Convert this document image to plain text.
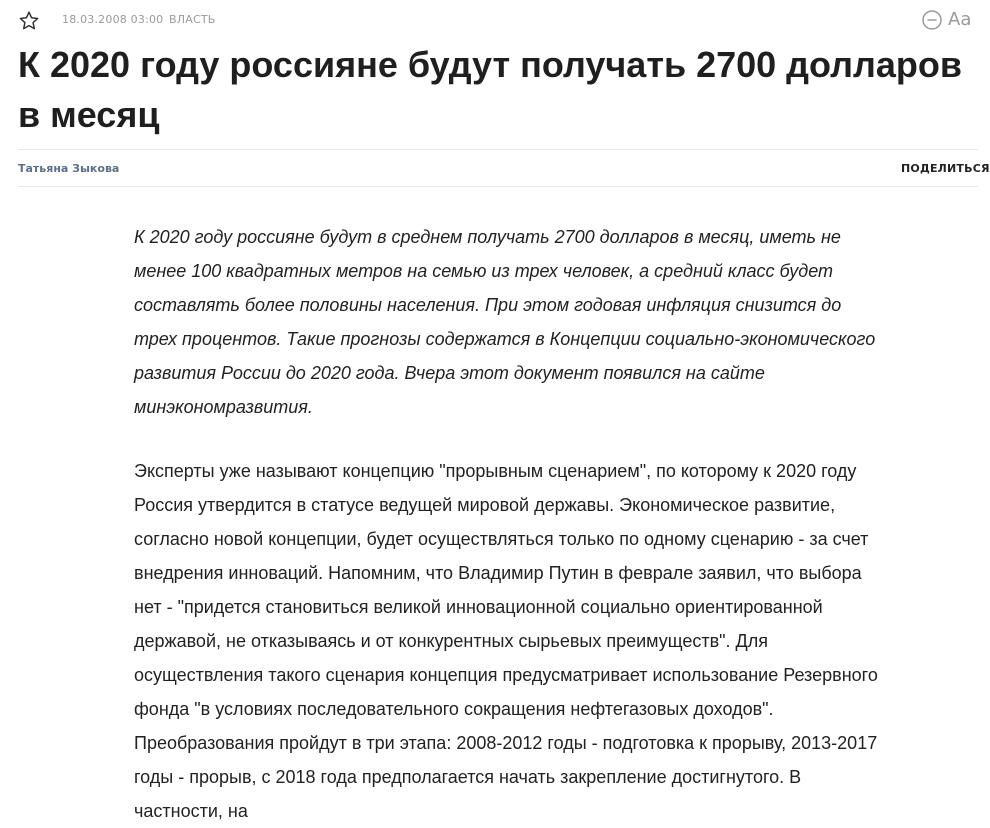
18.03.2008 03:00 ВЛАСТЬ	Aa
К 2020 году россияне будут получать 2700 долларов в месяц
Татьяна Зыкова	ПОДЕЛИТЬСЯ

К 2020 году россияне будут в среднем получать 2700 долларов в месяц, иметь не менее 100 квадратных метров на семью из трех человек, а средний класс будет составлять более половины населения. При этом годовая инфляция снизится до трех процентов. Такие прогнозы содержатся в Концепции социально-экономического развития России до 2020 года. Вчера этот документ появился на сайте минэкономразвития.

Эксперты уже называют концепцию "прорывным сценарием", по которому к 2020 году Россия утвердится в статусе ведущей мировой державы. Экономическое развитие, согласно новой концепции, будет осуществляться только по одному сценарию - за счет внедрения инноваций. Напомним, что Владимир Путин в феврале заявил, что выбора нет - "придется становиться великой инновационной социально ориентированной державой, не отказываясь и от конкурентных сырьевых преимуществ". Для осуществления такого сценария концепция предусматривает использование Резервного фонда "в условиях последовательного сокращения нефтегазовых доходов". Преобразования пройдут в три этапа: 2008-2012 годы - подготовка к прорыву, 2013-2017 годы - прорыв, с 2018 года предполагается начать закрепление достигнутого. В частности, на
